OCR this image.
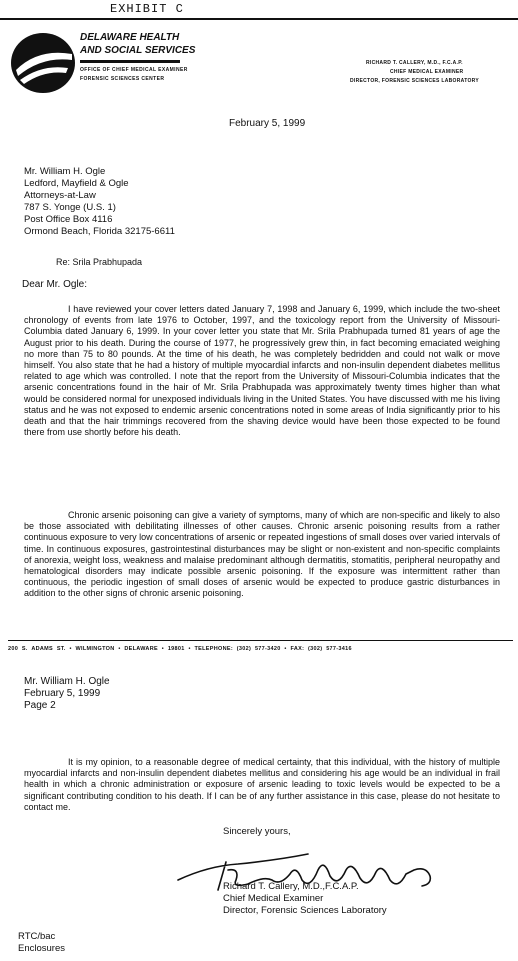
EXHIBIT C
DELAWARE HEALTH
AND SOCIAL SERVICES
OFFICE OF CHIEF MEDICAL EXAMINER
FORENSIC SCIENCES CENTER
RICHARD T. CALLERY, M.D., F.C.A.P.
CHIEF MEDICAL EXAMINER
DIRECTOR, FORENSIC SCIENCES LABORATORY
February 5, 1999
Mr. William H. Ogle
Ledford, Mayfield & Ogle
Attorneys-at-Law
787 S. Yonge (U.S. 1)
Post Office Box 4116
Ormond Beach, Florida 32175-6611
Re: Srila Prabhupada
Dear Mr. Ogle:
I have reviewed your cover letters dated January 7, 1998 and January 6, 1999, which include the two-sheet chronology of events from late 1976 to October, 1997, and the toxicology report from the University of Missouri-Columbia dated January 6, 1999. In your cover letter you state that Mr. Srila Prabhupada turned 81 years of age the August prior to his death. During the course of 1977, he progressively grew thin, in fact becoming emaciated weighing no more than 75 to 80 pounds. At the time of his death, he was completely bedridden and could not walk or move himself. You also state that he had a history of multiple myocardial infarcts and non-insulin dependent diabetes mellitus related to age which was controlled. I note that the report from the University of Missouri-Columbia indicates that the arsenic concentrations found in the hair of Mr. Srila Prabhupada was approximately twenty times higher than what would be considered normal for unexposed individuals living in the United States. You have discussed with me his living status and he was not exposed to endemic arsenic concentrations noted in some areas of India significantly prior to his death and that the hair trimmings recovered from the shaving device would have been those expected to be found there from use shortly before his death.
Chronic arsenic poisoning can give a variety of symptoms, many of which are non-specific and likely to also be those associated with debilitating illnesses of other causes. Chronic arsenic poisoning results from a rather continuous exposure to very low concentrations of arsenic or repeated ingestions of small doses over varied intervals of time. In continuous exposures, gastrointestinal disturbances may be slight or non-existent and non-specific complaints of anorexia, weight loss, weakness and malaise predominant although dermatitis, stomatitis, peripheral neuropathy and hematological disorders may indicate possible arsenic poisoning. If the exposure was intermittent rather than continuous, the periodic ingestion of small doses of arsenic would be expected to produce gastric disturbances in addition to the other signs of chronic arsenic poisoning.
200 S. ADAMS ST. • WILMINGTON • DELAWARE • 19801 • TELEPHONE: (302) 577-3420 • FAX: (302) 577-3416
Mr. William H. Ogle
February 5, 1999
Page 2
It is my opinion, to a reasonable degree of medical certainty, that this individual, with the history of multiple myocardial infarcts and non-insulin dependent diabetes mellitus and considering his age would be an individual in frail health in which a chronic administration or exposure of arsenic leading to toxic levels would be expected to be a significant contributing condition to his death. If I can be of any further assistance in this case, please do not hesitate to contact me.
Sincerely yours,
Richard T. Callery, M.D.,F.C.A.P.
Chief Medical Examiner
Director, Forensic Sciences Laboratory
RTC/bac
Enclosures
